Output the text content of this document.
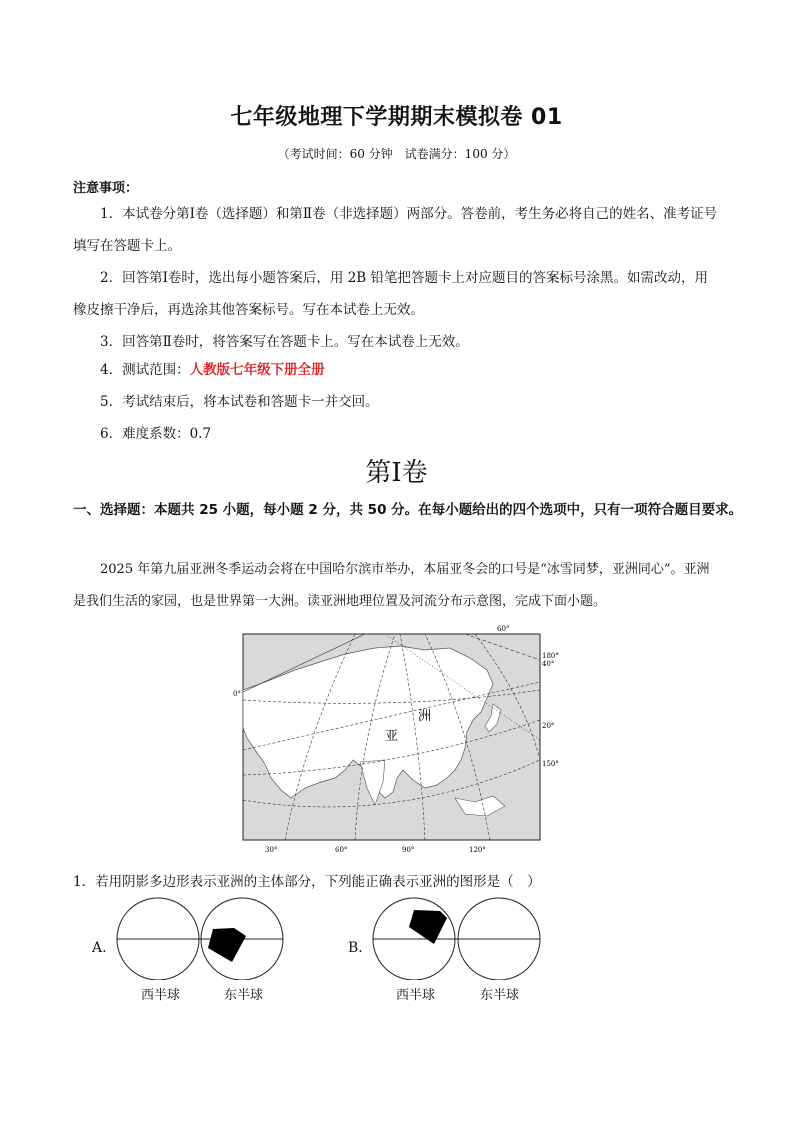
七年级地理下学期期末模拟卷 01
（考试时间：60 分钟　试卷满分：100 分）
注意事项：
1．本试卷分第Ⅰ卷（选择题）和第Ⅱ卷（非选择题）两部分。答卷前，考生务必将自己的姓名、准考证号填写在答题卡上。
2．回答第Ⅰ卷时，选出每小题答案后，用 2B 铅笔把答题卡上对应题目的答案标号涂黑。如需改动，用橡皮擦干净后，再选涂其他答案标号。写在本试卷上无效。
3．回答第Ⅱ卷时，将答案写在答题卡上。写在本试卷上无效。
4．测试范围：人教版七年级下册全册
5．考试结束后，将本试卷和答题卡一并交回。
6．难度系数：0.7
第Ⅰ卷
一、选择题：本题共 25 小题，每小题 2 分，共 50 分。在每小题给出的四个选项中，只有一项符合题目要求。
2025 年第九届亚洲冬季运动会将在中国哈尔滨市举办，本届亚冬会的口号是“冰雪同梦，亚洲同心”。亚洲是我们生活的家园，也是世界第一大洲。读亚洲地理位置及河流分布示意图，完成下面小题。
亚
洲
60°
0°
180°
40°
20°
150°
30°	60°	90°	120°
1．若用阴影多边形表示亚洲的主体部分，下列能正确表示亚洲的图形是（　）
A.
西半球	东半球
B.
西半球	东半球
